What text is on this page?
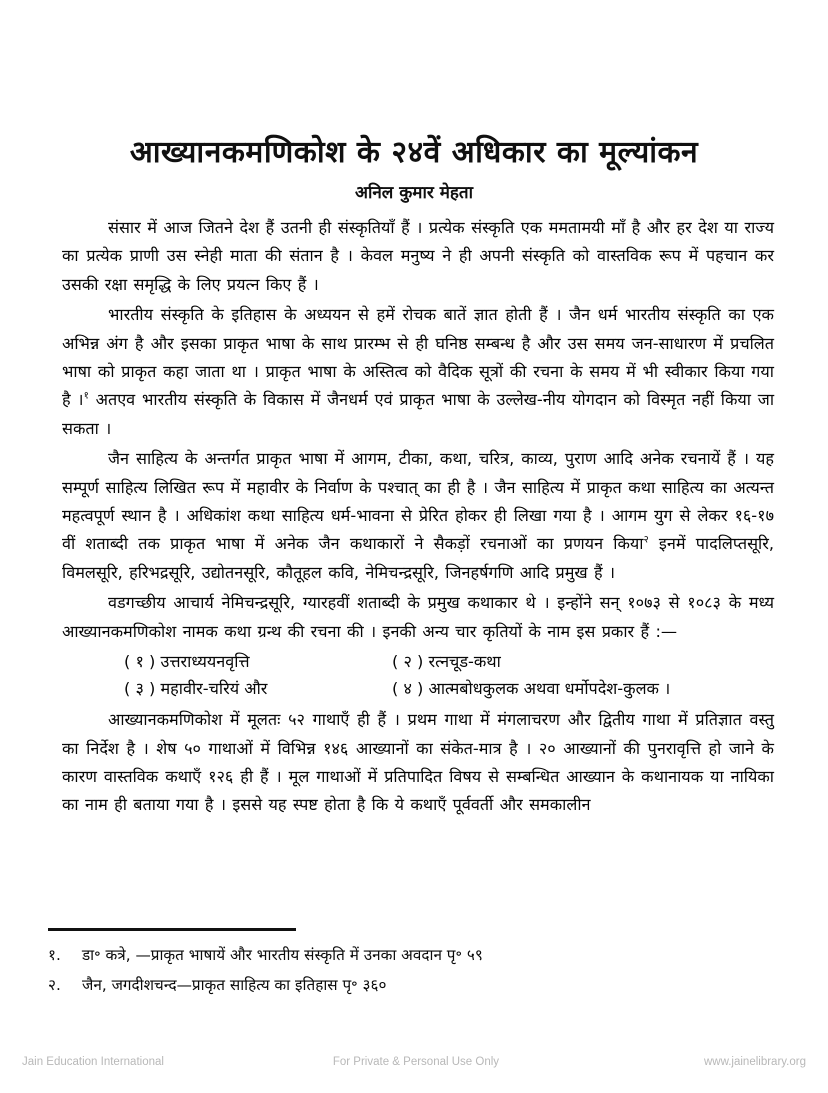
आख्यानकमणिकोश के २४वें अधिकार का मूल्यांकन
अनिल कुमार मेहता

संसार में आज जितने देश हैं उतनी ही संस्कृतियाँ हैं । प्रत्येक संस्कृति एक ममतामयी माँ है और हर देश या राज्य का प्रत्येक प्राणी उस स्नेही माता की संतान है । केवल मनुष्य ने ही अपनी संस्कृति को वास्तविक रूप में पहचान कर उसकी रक्षा समृद्धि के लिए प्रयत्न किए हैं ।

भारतीय संस्कृति के इतिहास के अध्ययन से हमें रोचक बातें ज्ञात होती हैं । जैन धर्म भारतीय संस्कृति का एक अभिन्न अंग है और इसका प्राकृत भाषा के साथ प्रारम्भ से ही घनिष्ठ सम्बन्ध है और उस समय जन-साधारण में प्रचलित भाषा को प्राकृत कहा जाता था । प्राकृत भाषा के अस्तित्व को वैदिक सूत्रों की रचना के समय में भी स्वीकार किया गया है ।$^१$ अतएव भारतीय संस्कृति के विकास में जैनधर्म एवं प्राकृत भाषा के उल्लेख-नीय योगदान को विस्मृत नहीं किया जा सकता ।

जैन साहित्य के अन्तर्गत प्राकृत भाषा में आगम, टीका, कथा, चरित्र, काव्य, पुराण आदि अनेक रचनायें हैं । यह सम्पूर्ण साहित्य लिखित रूप में महावीर के निर्वाण के पश्चात् का ही है । जैन साहित्य में प्राकृत कथा साहित्य का अत्यन्त महत्वपूर्ण स्थान है । अधिकांश कथा साहित्य धर्म-भावना से प्रेरित होकर ही लिखा गया है । आगम युग से लेकर १६-१७ वीं शताब्दी तक प्राकृत भाषा में अनेक जैन कथाकारों ने सैकड़ों रचनाओं का प्रणयन किया$^२$ इनमें पादलिप्तसूरि, विमलसूरि, हरिभद्रसूरि, उद्योतनसूरि, कौतूहल कवि, नेमिचन्द्रसूरि, जिनहर्षगणि आदि प्रमुख हैं ।

वडगच्छीय आचार्य नेमिचन्द्रसूरि, ग्यारहवीं शताब्दी के प्रमुख कथाकार थे । इन्होंने सन् १०७३ से १०८३ के मध्य आख्यानकमणिकोश नामक कथा ग्रन्थ की रचना की । इनकी अन्य चार कृतियों के नाम इस प्रकार हैं :—

( १ ) उत्तराध्ययनवृत्ति	( २ ) रत्नचूड-कथा
( ३ ) महावीर-चरियं और	( ४ ) आत्मबोधकुलक अथवा धर्मोपदेश-कुलक ।

आख्यानकमणिकोश में मूलतः ५२ गाथाएँ ही हैं । प्रथम गाथा में मंगलाचरण और द्वितीय गाथा में प्रतिज्ञात वस्तु का निर्देश है । शेष ५० गाथाओं में विभिन्न १४६ आख्यानों का संकेत-मात्र है । २० आख्यानों की पुनरावृत्ति हो जाने के कारण वास्तविक कथाएँ १२६ ही हैं । मूल गाथाओं में प्रतिपादित विषय से सम्बन्धित आख्यान के कथानायक या नायिका का नाम ही बताया गया है । इससे यह स्पष्ट होता है कि ये कथाएँ पूर्ववर्ती और समकालीन

१.	डा॰ कत्रे, —प्राकृत भाषायें और भारतीय संस्कृति में उनका अवदान पृ॰ ५९
२.	जैन, जगदीशचन्द—प्राकृत साहित्य का इतिहास पृ॰ ३६०
Jain Education International	For Private & Personal Use Only	www.jainelibrary.org
